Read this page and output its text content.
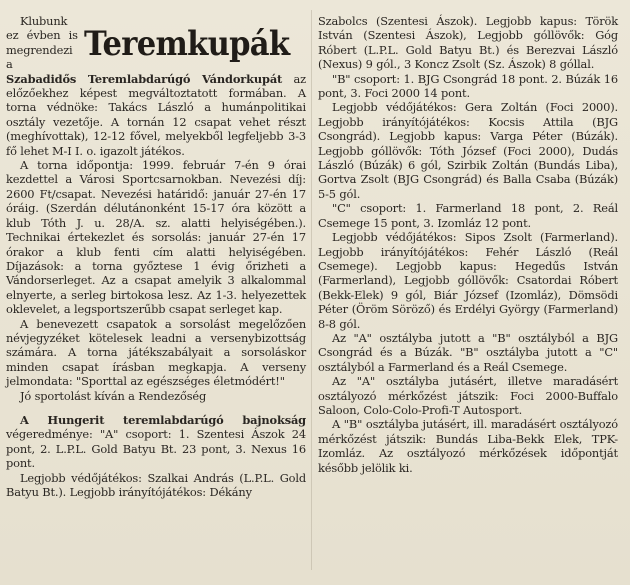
Teremkupák

Klubunk ez évben is megrendezi a Szabadidős Teremlabdarúgó Vándorkupát az előzőekhez képest megváltoztatott formában. A torna védnöke: Takács László a humánpolitikai osztály vezetője. A tornán 12 csapat vehet részt (meghívottak), 12-12 fővel, melyekből legfeljebb 3-3 fő lehet M-I I. o. igazolt játékos.

A torna időpontja: 1999. február 7-én 9 órai kezdettel a Városi Sportcsarnokban. Nevezési díj: 2600 Ft/csapat. Nevezési határidő: január 27-én 17 óráig. (Szerdán délutánonként 15-17 óra között a klub Tóth J. u. 28/A. sz. alatti helyiségében.). Technikai értekezlet és sorsolás: január 27-én 17 órakor a klub fenti cím alatti helyiségében. Díjazások: a torna győztese 1 évig őrizheti a Vándorserleget. Az a csapat amelyik 3 alkalommal elnyerte, a serleg birtokosa lesz. Az 1-3. helyezettek oklevelet, a legsportszerűbb csapat serleget kap.

A benevezett csapatok a sorsolást megelőzően névjegyzéket kötelesek leadni a versenybizottság számára. A torna játékszabályait a sorsoláskor minden csapat írásban megkapja. A verseny jelmondata: "Sporttal az egészséges életmódért!"

Jó sportolást kíván a Rendezőség

A Hungerit teremlabdarúgó bajnokság végeredménye: "A" csoport: 1. Szentesi Ászok 24 pont, 2. L.P.L. Gold Batyu Bt. 23 pont, 3. Nexus 16 pont.

Legjobb védőjátékos: Szalkai András (L.P.L. Gold Batyu Bt.). Legjobb irányítójátékos: Dékány

Szabolcs (Szentesi Ászok). Legjobb kapus: Török István (Szentesi Ászok), Legjobb góllövők: Góg Róbert (L.P.L. Gold Batyu Bt.) és Berezvai László (Nexus) 9 gól., 3 Koncz Zsolt (Sz. Ászok) 8 góllal.

"B" csoport: 1. BJG Csongrád 18 pont. 2. Búzák 16 pont, 3. Foci 2000 14 pont.

Legjobb védőjátékos: Gera Zoltán (Foci 2000). Legjobb irányítójátékos: Kocsis Attila (BJG Csongrád). Legjobb kapus: Varga Péter (Búzák). Legjobb góllövők: Tóth József (Foci 2000), Dudás László (Búzák) 6 gól, Szirbik Zoltán (Bundás Liba), Gortva Zsolt (BJG Csongrád) és Balla Csaba (Búzák) 5-5 gól.

"C" csoport: 1. Farmerland 18 pont, 2. Reál Csemege 15 pont, 3. Izomláz 12 pont.

Legjobb védőjátékos: Sipos Zsolt (Farmerland). Legjobb irányítójátékos: Fehér László (Reál Csemege). Legjobb kapus: Hegedűs István (Farmerland), Legjobb góllövők: Csatordai Róbert (Bekk-Elek) 9 gól, Biár József (Izomláz), Dömsödi Péter (Öröm Söröző) és Erdélyi György (Farmerland) 8-8 gól.

Az "A" osztályba jutott a "B" osztályból a BJG Csongrád és a Búzák. "B" osztályba jutott a "C" osztályból a Farmerland és a Reál Csemege.

Az "A" osztályba jutásért, illetve maradásért osztályozó mérkőzést játszik: Foci 2000-Buffalo Saloon, Colo-Colo-Profi-T Autosport.

A "B" osztályba jutásért, ill. maradásért osztályozó mérkőzést játszik: Bundás Liba-Bekk Elek, TPK-Izomláz. Az osztályozó mérkőzések időpontját később jelölik ki.
